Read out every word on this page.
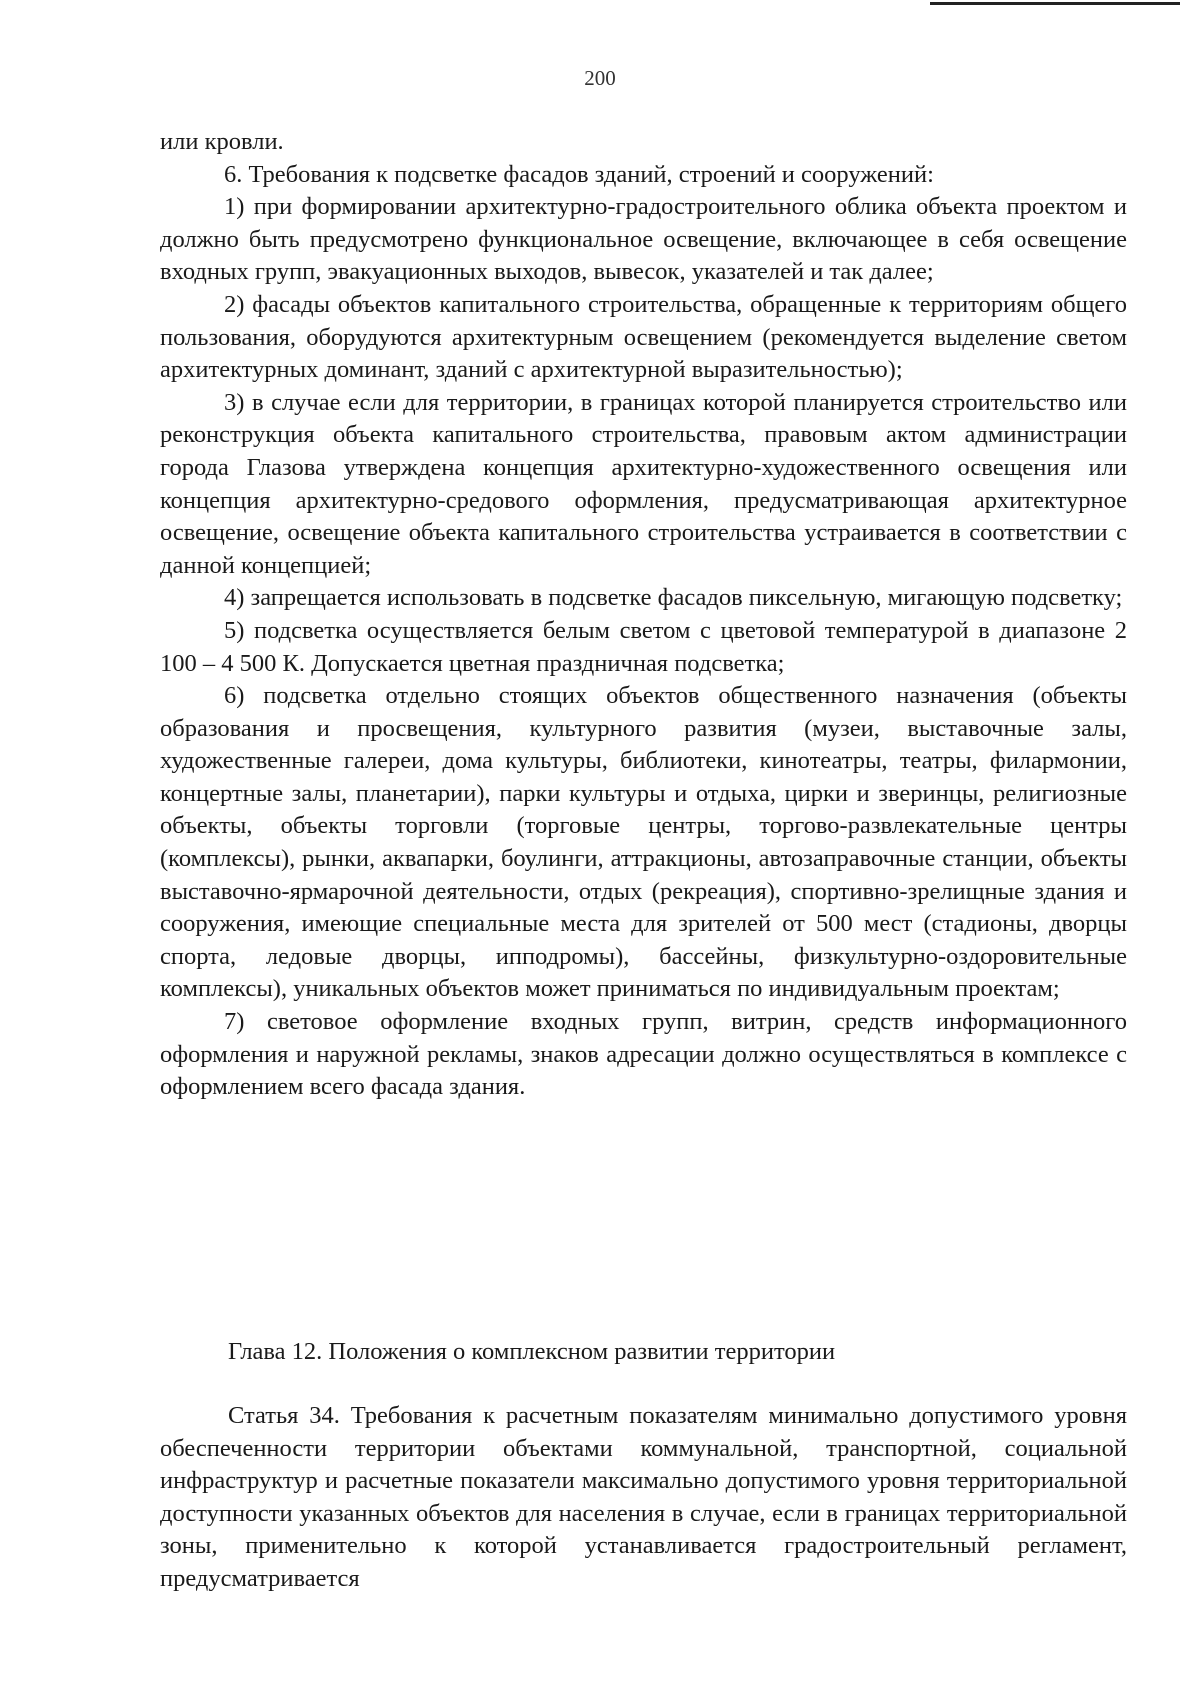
200

или кровли.

6. Требования к подсветке фасадов зданий, строений и сооружений:

1) при формировании архитектурно-градостроительного облика объекта проектом и должно быть предусмотрено функциональное освещение, включающее в себя освещение входных групп, эвакуационных выходов, вывесок, указателей и так далее;

2) фасады объектов капитального строительства, обращенные к территориям общего пользования, оборудуются архитектурным освещением (рекомендуется выделение светом архитектурных доминант, зданий с архитектурной выразительностью);

3) в случае если для территории, в границах которой планируется строительство или реконструкция объекта капитального строительства, правовым актом администрации города Глазова утверждена концепция архитектурно-художественного освещения или концепция архитектурно-средового оформления, предусматривающая архитектурное освещение, освещение объекта капитального строительства устраивается в соответствии с данной концепцией;

4) запрещается использовать в подсветке фасадов пиксельную, мигающую подсветку;

5) подсветка осуществляется белым светом с цветовой температурой в диапазоне 2 100 – 4 500 К. Допускается цветная праздничная подсветка;

6) подсветка отдельно стоящих объектов общественного назначения (объекты образования и просвещения, культурного развития (музеи, выставочные залы, художественные галереи, дома культуры, библиотеки, кинотеатры, театры, филармонии, концертные залы, планетарии), парки культуры и отдыха, цирки и зверинцы, религиозные объекты, объекты торговли (торговые центры, торгово-развлекательные центры (комплексы), рынки, аквапарки, боулинги, аттракционы, автозаправочные станции, объекты выставочно-ярмарочной деятельности, отдых (рекреация), спортивно-зрелищные здания и сооружения, имеющие специальные места для зрителей от 500 мест (стадионы, дворцы спорта, ледовые дворцы, ипподромы), бассейны, физкультурно-оздоровительные комплексы), уникальных объектов может приниматься по индивидуальным проектам;

7) световое оформление входных групп, витрин, средств информационного оформления и наружной рекламы, знаков адресации должно осуществляться в комплексе с оформлением всего фасада здания.

Глава 12. Положения о комплексном развитии территории

Статья 34. Требования к расчетным показателям минимально допустимого уровня обеспеченности территории объектами коммунальной, транспортной, социальной инфраструктур и расчетные показатели максимально допустимого уровня территориальной доступности указанных объектов для населения в случае, если в границах территориальной зоны, применительно к которой устанавливается градостроительный регламент, предусматривается
